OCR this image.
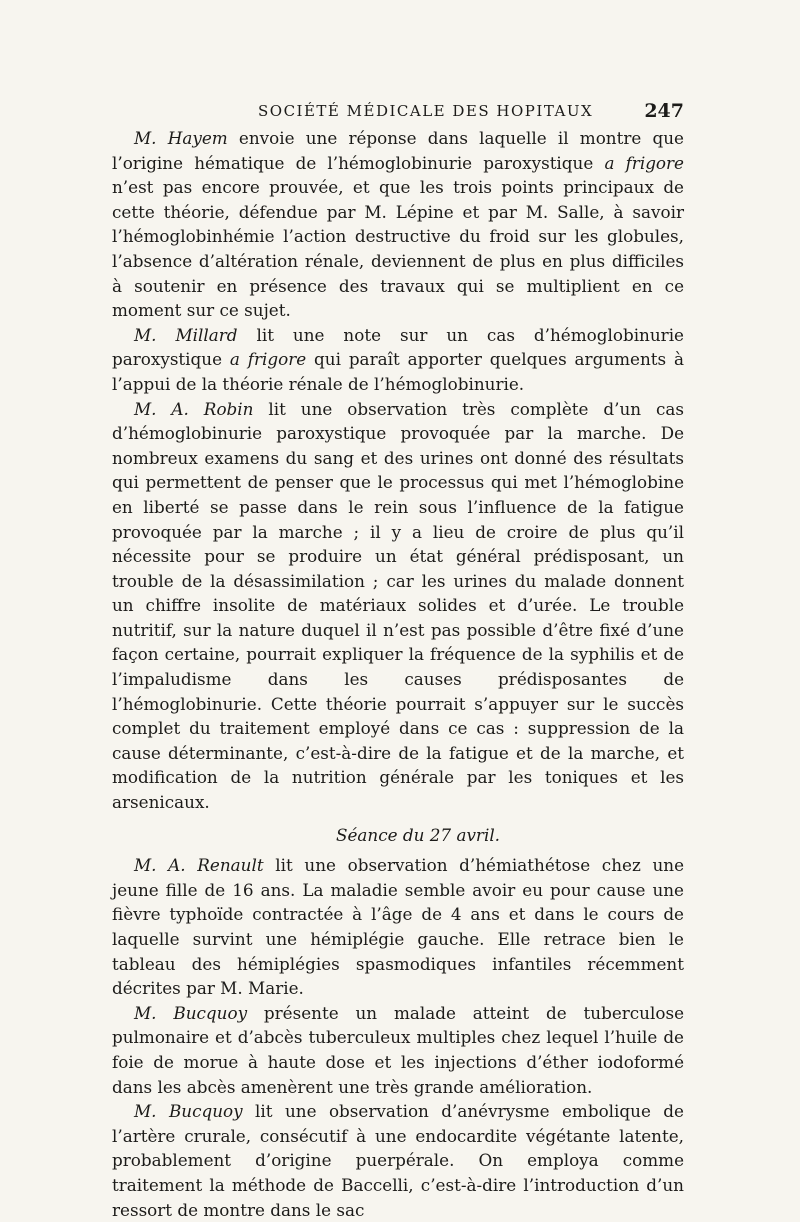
SOCIÉTÉ MÉDICALE DES HOPITAUX	247

M. Hayem envoie une réponse dans laquelle il montre que l’origine hématique de l’hémoglobinurie paroxystique a frigore n’est pas encore prouvée, et que les trois points principaux de cette théorie, défendue par M. Lépine et par M. Salle, à savoir l’hémoglobinhémie l’action destructive du froid sur les globules, l’absence d’altération rénale, deviennent de plus en plus difficiles à soutenir en présence des travaux qui se multiplient en ce moment sur ce sujet.

M. Millard lit une note sur un cas d’hémoglobinurie paroxystique a frigore qui paraît apporter quelques arguments à l’appui de la théorie rénale de l’hémoglobinurie.

M. A. Robin lit une observation très complète d’un cas d’hémoglobinurie paroxystique provoquée par la marche. De nombreux examens du sang et des urines ont donné des résultats qui permettent de penser que le processus qui met l’hémoglobine en liberté se passe dans le rein sous l’influence de la fatigue provoquée par la marche ; il y a lieu de croire de plus qu’il nécessite pour se produire un état général prédisposant, un trouble de la désassimilation ; car les urines du malade donnent un chiffre insolite de matériaux solides et d’urée. Le trouble nutritif, sur la nature duquel il n’est pas possible d’être fixé d’une façon certaine, pourrait expliquer la fréquence de la syphilis et de l’impaludisme dans les causes prédisposantes de l’hémoglobinurie. Cette théorie pourrait s’appuyer sur le succès complet du traitement employé dans ce cas : suppression de la cause déterminante, c’est-à-dire de la fatigue et de la marche, et modification de la nutrition générale par les toniques et les arsenicaux.

Séance du 27 avril.

M. A. Renault lit une observation d’hémiathétose chez une jeune fille de 16 ans. La maladie semble avoir eu pour cause une fièvre typhoïde contractée à l’âge de 4 ans et dans le cours de laquelle survint une hémiplégie gauche. Elle retrace bien le tableau des hémiplégies spasmodiques infantiles récemment décrites par M. Marie.

M. Bucquoy présente un malade atteint de tuberculose pulmonaire et d’abcès tuberculeux multiples chez lequel l’huile de foie de morue à haute dose et les injections d’éther iodoformé dans les abcès amenèrent une très grande amélioration.

M. Bucquoy lit une observation d’anévrysme embolique de l’artère crurale, consécutif à une endocardite végétante latente, probablement d’origine puerpérale. On employa comme traitement la méthode de Baccelli, c’est-à-dire l’introduction d’un ressort de montre dans le sac
